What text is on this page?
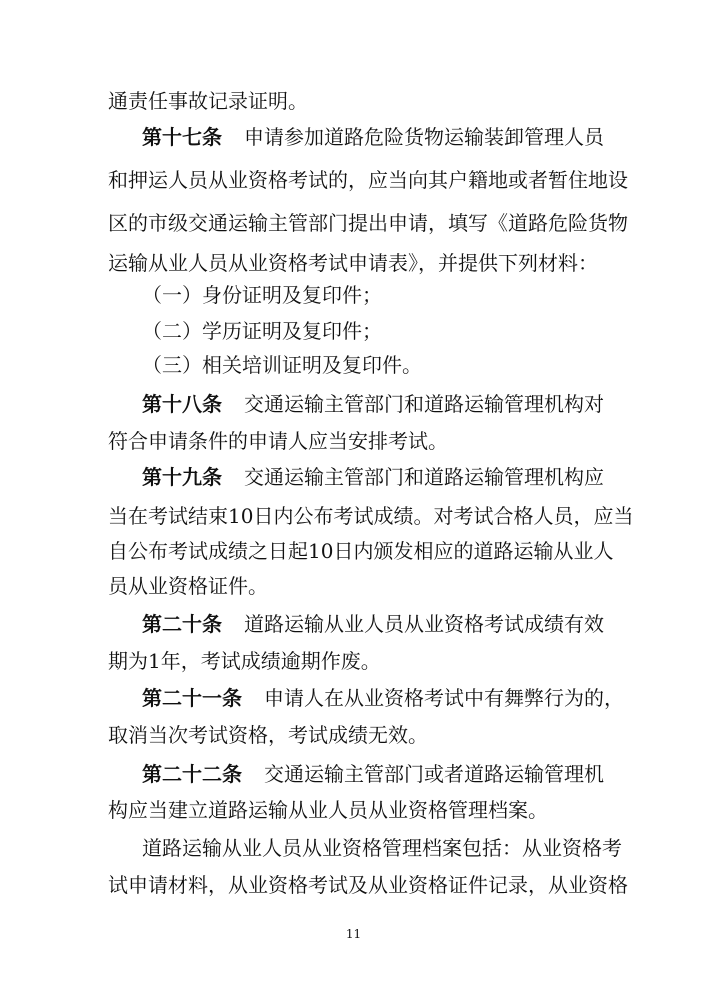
通责任事故记录证明。
第十七条 申请参加道路危险货物运输装卸管理人员
和押运人员从业资格考试的，应当向其户籍地或者暂住地设
区的市级交通运输主管部门提出申请，填写《道路危险货物
运输从业人员从业资格考试申请表》，并提供下列材料：
（一）身份证明及复印件；
（二）学历证明及复印件；
（三）相关培训证明及复印件。
第十八条 交通运输主管部门和道路运输管理机构对
符合申请条件的申请人应当安排考试。
第十九条 交通运输主管部门和道路运输管理机构应
当在考试结束10日内公布考试成绩。对考试合格人员，应当
自公布考试成绩之日起10日内颁发相应的道路运输从业人
员从业资格证件。
第二十条 道路运输从业人员从业资格考试成绩有效
期为1年，考试成绩逾期作废。
第二十一条 申请人在从业资格考试中有舞弊行为的，
取消当次考试资格，考试成绩无效。
第二十二条 交通运输主管部门或者道路运输管理机
构应当建立道路运输从业人员从业资格管理档案。
道路运输从业人员从业资格管理档案包括：从业资格考
试申请材料，从业资格考试及从业资格证件记录，从业资格
11
